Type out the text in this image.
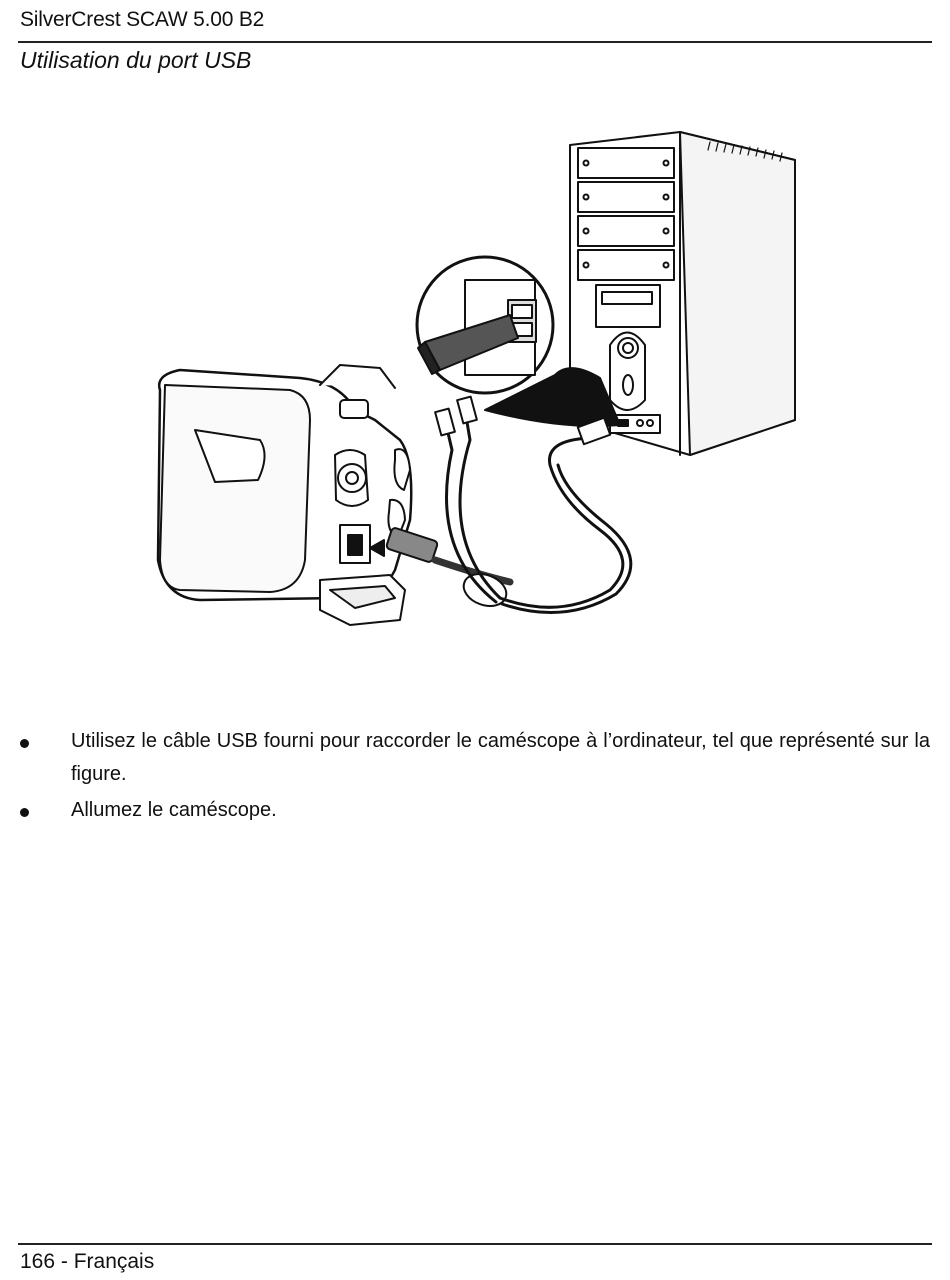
SilverCrest SCAW 5.00 B2
Utilisation du port USB
Utilisez le câble USB fourni pour raccorder le caméscope à l’ordinateur, tel que représenté sur la figure.
Allumez le caméscope.
166 - Français
